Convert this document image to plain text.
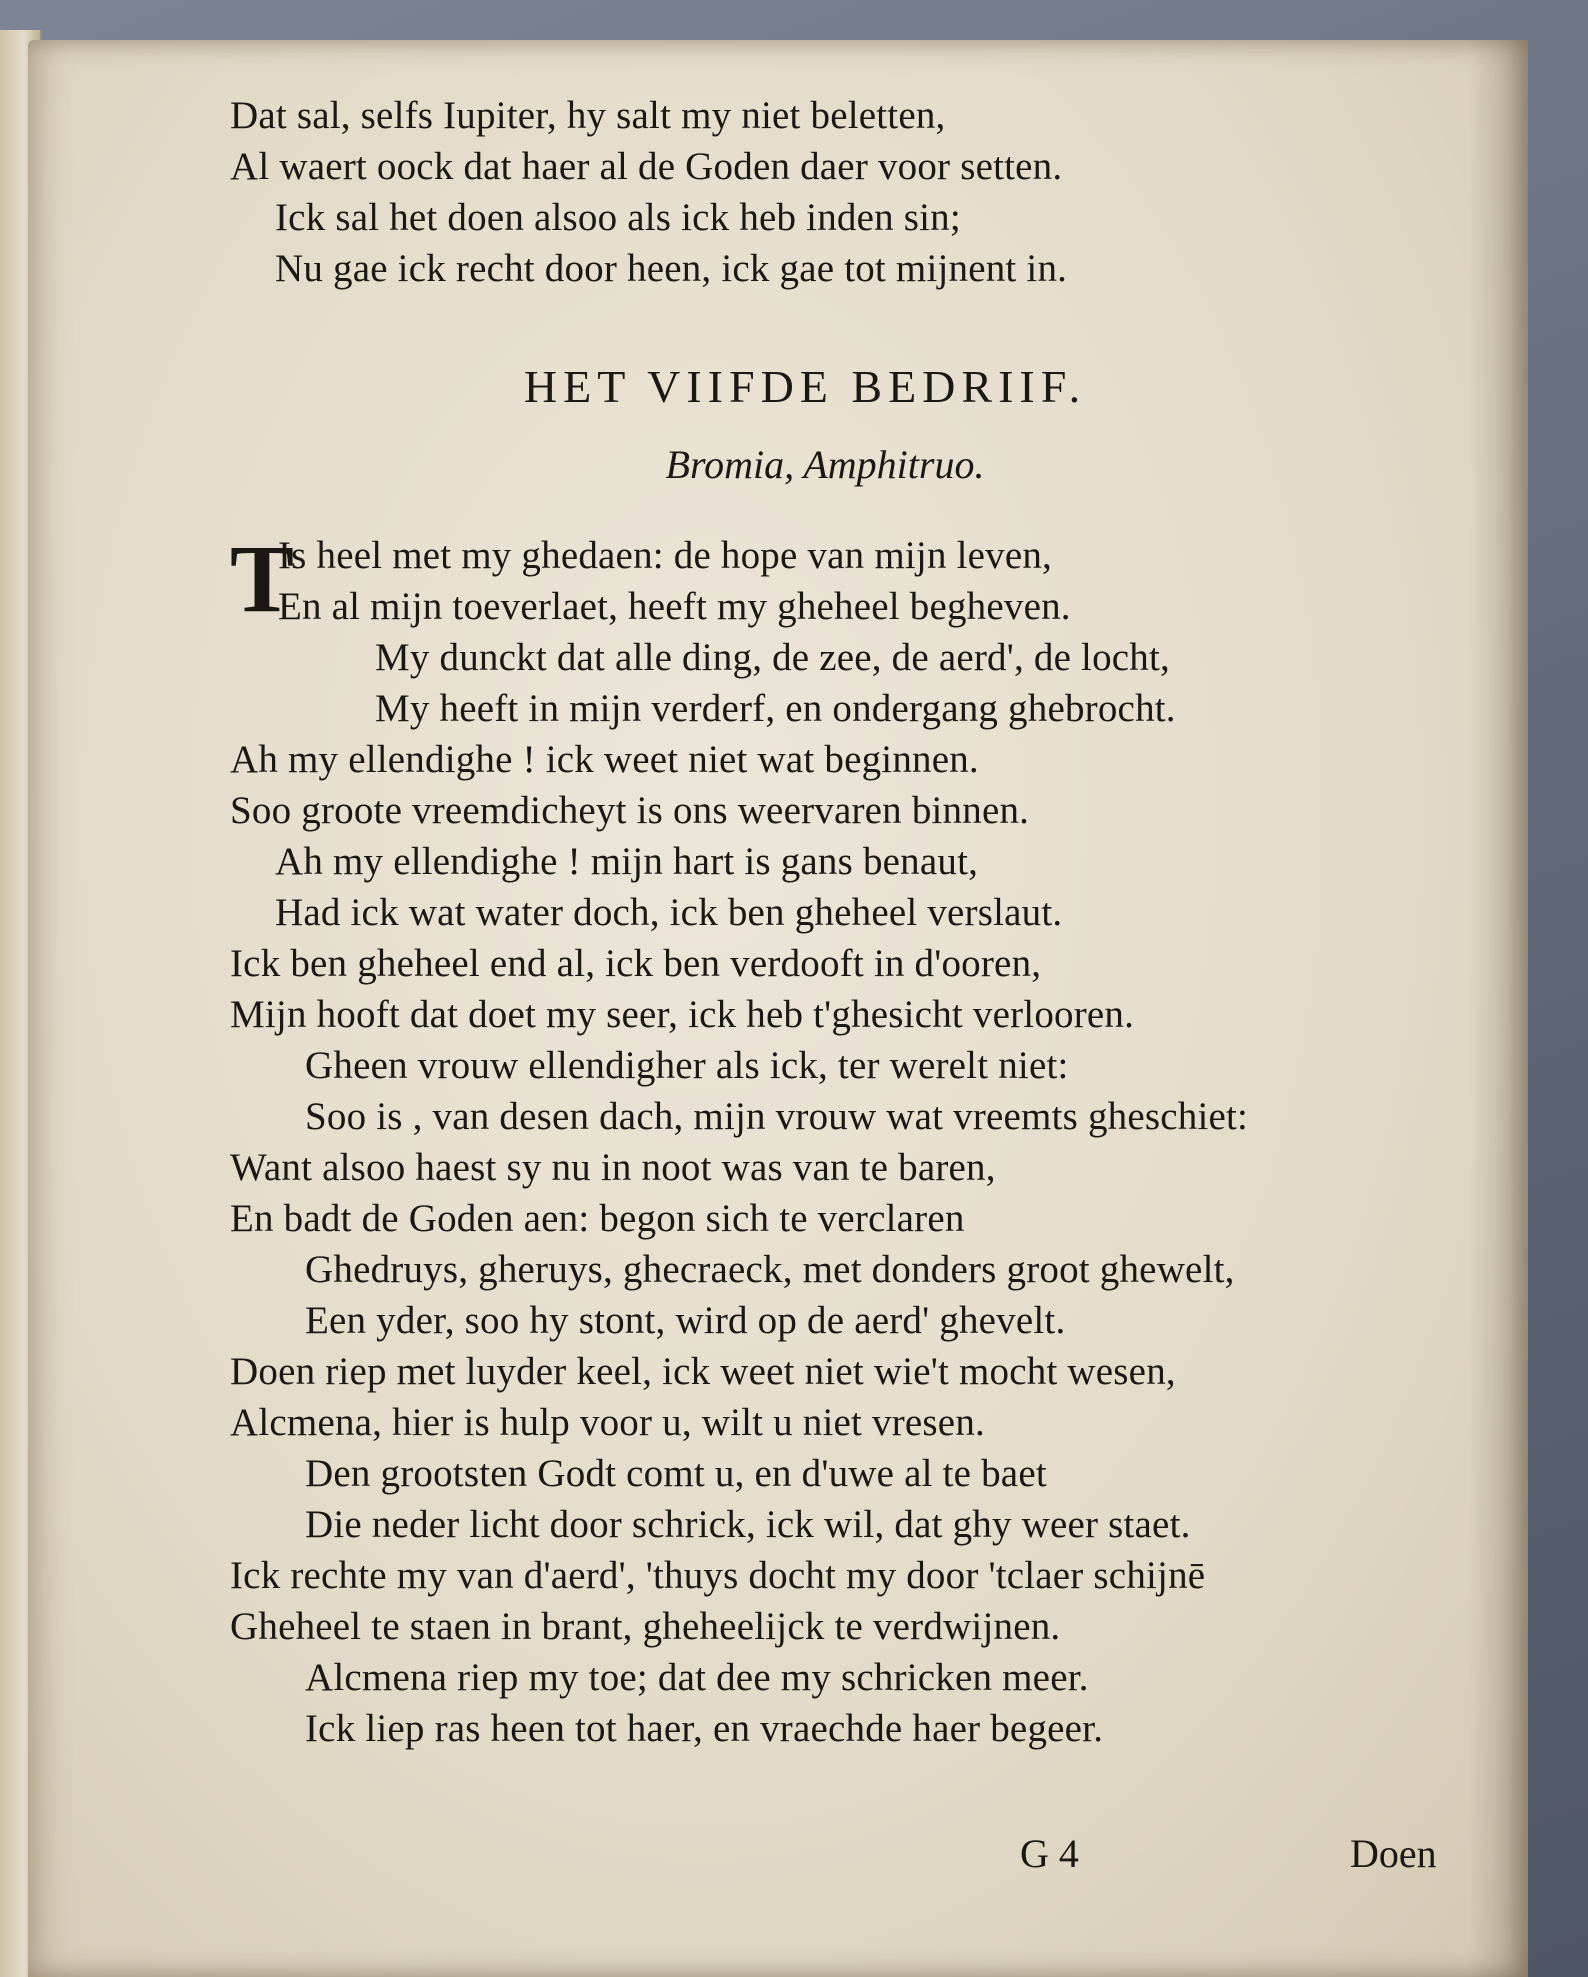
Dat sal, selfs Iupiter, hy salt my niet beletten,
Al waert oock dat haer al de Goden daer voor setten.
Ick sal het doen alsoo als ick heb inden sin;
Nu gae ick recht door heen, ick gae tot mijnent in.
HET VIIFDE BEDRIIF.
Bromia, Amphitruo.
T
Is heel met my ghedaen: de hope van mijn leven,
En al mijn toeverlaet, heeft my gheheel begheven.
My dunckt dat alle ding, de zee, de aerd', de locht,
My heeft in mijn verderf, en ondergang ghebrocht.
Ah my ellendighe ! ick weet niet wat beginnen.
Soo groote vreemdicheyt is ons weervaren binnen.
Ah my ellendighe ! mijn hart is gans benaut,
Had ick wat water doch, ick ben gheheel verslaut.
Ick ben gheheel end al, ick ben verdooft in d'ooren,
Mijn hooft dat doet my seer, ick heb t'ghesicht verlooren.
Gheen vrouw ellendigher als ick, ter werelt niet:
Soo is , van desen dach, mijn vrouw wat vreemts gheschiet:
Want alsoo haest sy nu in noot was van te baren,
En badt de Goden aen: begon sich te verclaren
Ghedruys, gheruys, ghecraeck, met donders groot ghewelt,
Een yder, soo hy stont, wird op de aerd' ghevelt.
Doen riep met luyder keel, ick weet niet wie't mocht wesen,
Alcmena, hier is hulp voor u, wilt u niet vresen.
Den grootsten Godt comt u, en d'uwe al te baet
Die neder licht door schrick, ick wil, dat ghy weer staet.
Ick rechte my van d'aerd', 'thuys docht my door 'tclaer schijnē
Gheheel te staen in brant, gheheelijck te verdwijnen.
Alcmena riep my toe; dat dee my schricken meer.
Ick liep ras heen tot haer, en vraechde haer begeer.
G 4	Doen
